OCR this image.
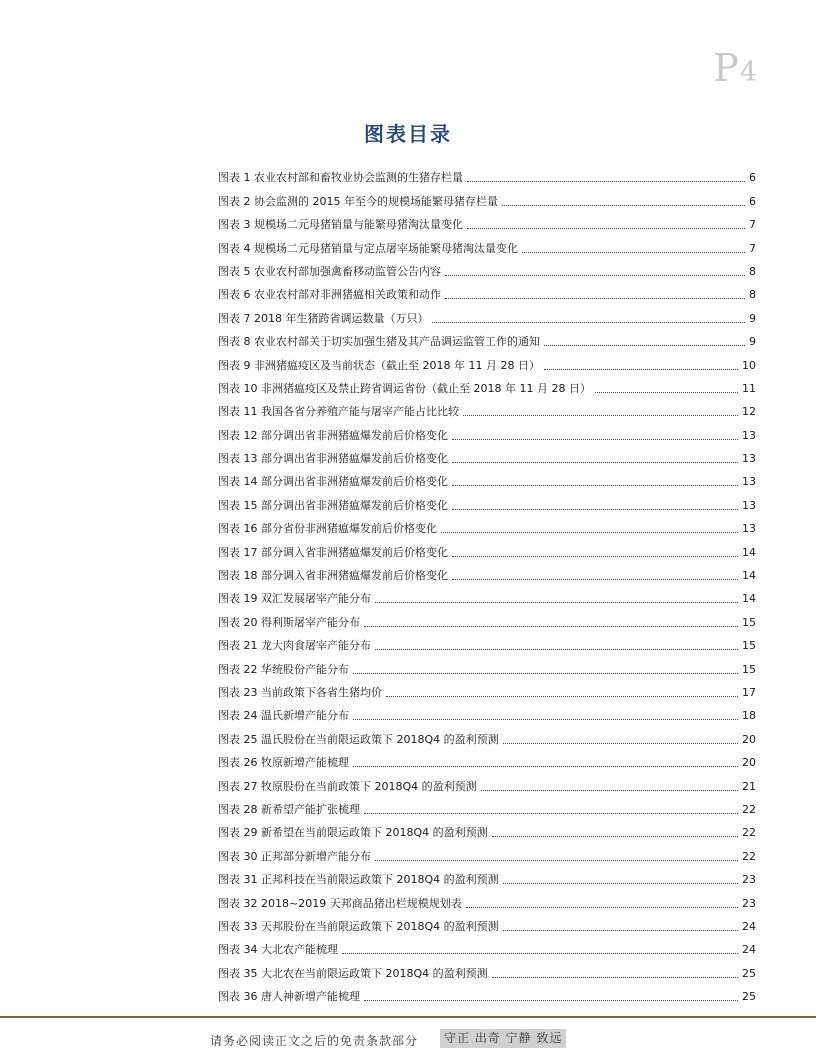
P4
图表目录
图表 1 农业农村部和畜牧业协会监测的生猪存栏量	6
图表 2 协会监测的 2015 年至今的规模场能繁母猪存栏量	6
图表 3 规模场二元母猪销量与能繁母猪淘汰量变化	7
图表 4 规模场二元母猪销量与定点屠宰场能繁母猪淘汰量变化	7
图表 5 农业农村部加强禽畜移动监管公告内容	8
图表 6 农业农村部对非洲猪瘟相关政策和动作	8
图表 7 2018 年生猪跨省调运数量（万只）	9
图表 8 农业农村部关于切实加强生猪及其产品调运监管工作的通知	9
图表 9 非洲猪瘟疫区及当前状态（截止至 2018 年 11 月 28 日）	10
图表 10 非洲猪瘟疫区及禁止跨省调运省份（截止至 2018 年 11 月 28 日）	11
图表 11 我国各省分养殖产能与屠宰产能占比比较	12
图表 12 部分调出省非洲猪瘟爆发前后价格变化	13
图表 13 部分调出省非洲猪瘟爆发前后价格变化	13
图表 14 部分调出省非洲猪瘟爆发前后价格变化	13
图表 15 部分调出省非洲猪瘟爆发前后价格变化	13
图表 16 部分省份非洲猪瘟爆发前后价格变化	13
图表 17 部分调入省非洲猪瘟爆发前后价格变化	14
图表 18 部分调入省非洲猪瘟爆发前后价格变化	14
图表 19 双汇发展屠宰产能分布	14
图表 20 得利斯屠宰产能分布	15
图表 21 龙大肉食屠宰产能分布	15
图表 22 华统股份产能分布	15
图表 23 当前政策下各省生猪均价	17
图表 24 温氏新增产能分布	18
图表 25 温氏股份在当前限运政策下 2018Q4 的盈利预测	20
图表 26 牧原新增产能梳理	20
图表 27 牧原股份在当前政策下 2018Q4 的盈利预测	21
图表 28 新希望产能扩张梳理	22
图表 29 新希望在当前限运政策下 2018Q4 的盈利预测	22
图表 30 正邦部分新增产能分布	22
图表 31 正邦科技在当前限运政策下 2018Q4 的盈利预测	23
图表 32 2018~2019 天邦商品猪出栏规模规划表	23
图表 33 天邦股份在当前限运政策下 2018Q4 的盈利预测	24
图表 34 大北农产能梳理	24
图表 35 大北农在当前限运政策下 2018Q4 的盈利预测	25
图表 36 唐人神新增产能梳理	25
请务必阅读正文之后的免责条款部分	守正 出奇 宁静 致远
